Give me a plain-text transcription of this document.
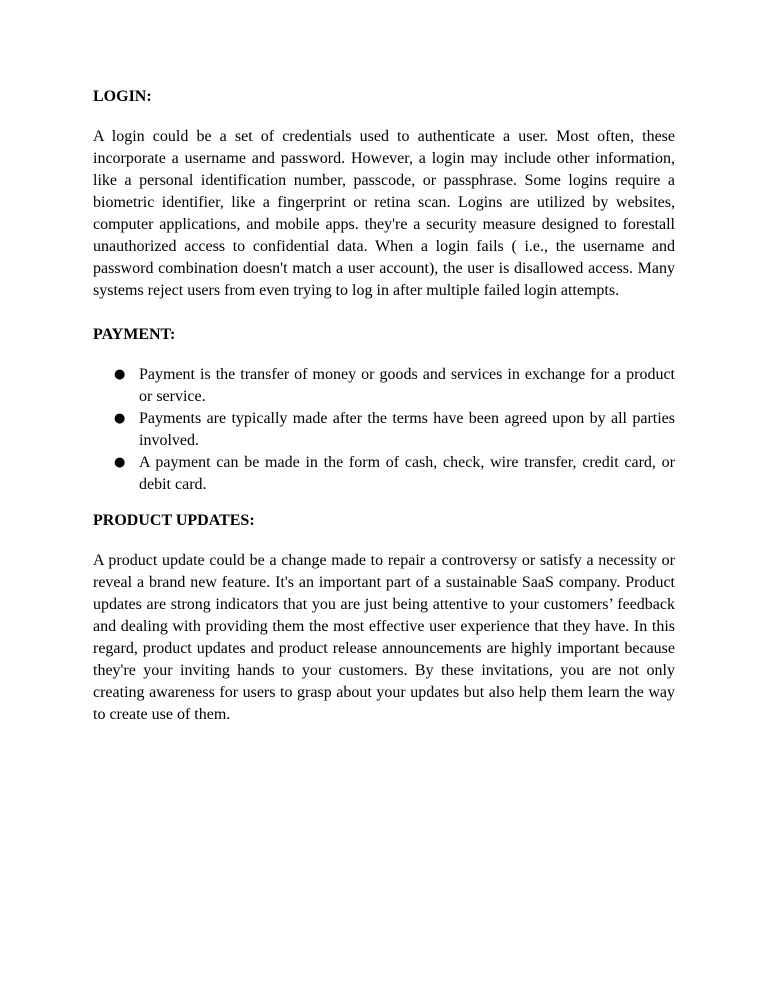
LOGIN:

A login could be a set of credentials used to authenticate a user. Most often, these incorporate a username and password. However, a login may include other information, like a personal identification number, passcode, or passphrase. Some logins require a biometric identifier, like a fingerprint or retina scan. Logins are utilized by websites, computer applications, and mobile apps. they're a security measure designed to forestall unauthorized access to confidential data. When a login fails ( i.e., the username and password combination doesn't match a user account), the user is disallowed access. Many systems reject users from even trying to log in after multiple failed login attempts.

PAYMENT:

● Payment is the transfer of money or goods and services in exchange for a product or service.
● Payments are typically made after the terms have been agreed upon by all parties involved.
● A payment can be made in the form of cash, check, wire transfer, credit card, or debit card.

PRODUCT UPDATES:

A product update could be a change made to repair a controversy or satisfy a necessity or reveal a brand new feature. It's an important part of a sustainable SaaS company. Product updates are strong indicators that you are just being attentive to your customers’ feedback and dealing with providing them the most effective user experience that they have. In this regard, product updates and product release announcements are highly important because they're your inviting hands to your customers. By these invitations, you are not only creating awareness for users to grasp about your updates but also help them learn the way to create use of them.
